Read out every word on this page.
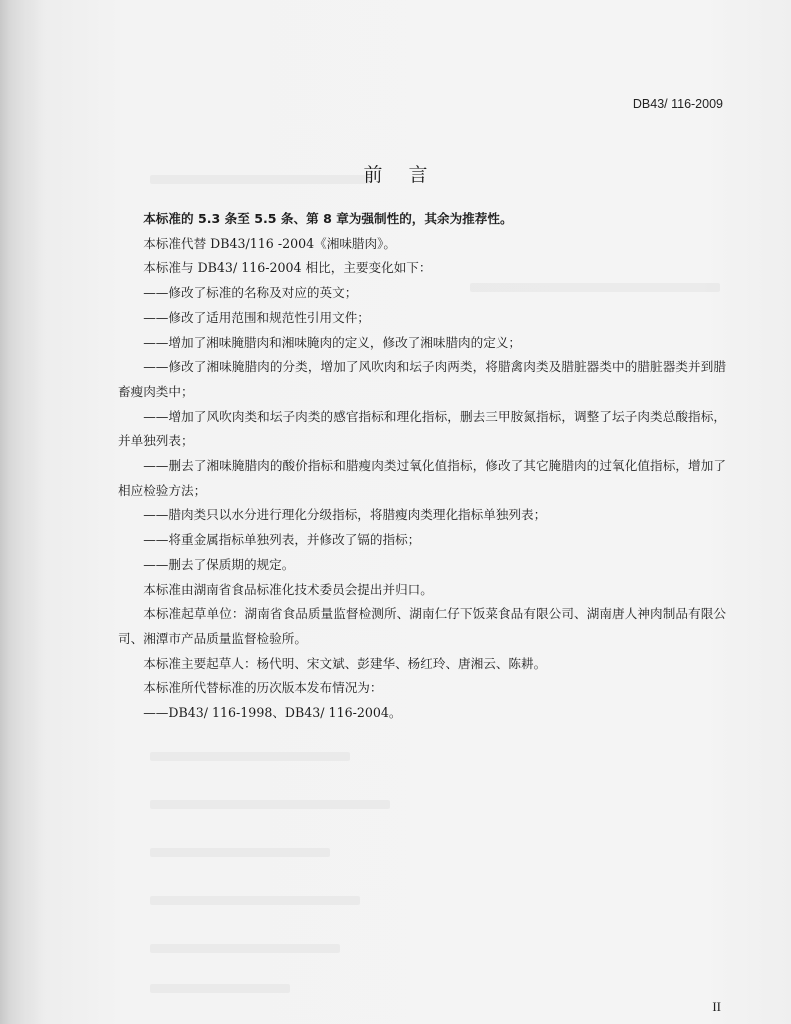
DB43/ 116-2009
前言

本标准的 5.3 条至 5.5 条、第 8 章为强制性的，其余为推荐性。

本标准代替 DB43/116 -2004《湘味腊肉》。

本标准与 DB43/ 116-2004 相比，主要变化如下：

——修改了标准的名称及对应的英文；

——修改了适用范围和规范性引用文件；

——增加了湘味腌腊肉和湘味腌肉的定义，修改了湘味腊肉的定义；

——修改了湘味腌腊肉的分类，增加了风吹肉和坛子肉两类，将腊禽肉类及腊脏器类中的腊脏器类并到腊畜瘦肉类中；

——增加了风吹肉类和坛子肉类的感官指标和理化指标，删去三甲胺氮指标，调整了坛子肉类总酸指标，并单独列表；

——删去了湘味腌腊肉的酸价指标和腊瘦肉类过氧化值指标，修改了其它腌腊肉的过氧化值指标，增加了相应检验方法；

——腊肉类只以水分进行理化分级指标，将腊瘦肉类理化指标单独列表；

——将重金属指标单独列表，并修改了镉的指标；

——删去了保质期的规定。

本标准由湖南省食品标准化技术委员会提出并归口。

本标准起草单位：湖南省食品质量监督检测所、湖南仁仔下饭菜食品有限公司、湖南唐人神肉制品有限公司、湘潭市产品质量监督检验所。

本标准主要起草人：杨代明、宋文斌、彭建华、杨红玲、唐湘云、陈耕。

本标准所代替标准的历次版本发布情况为：

——DB43/ 116-1998、DB43/ 116-2004。

II
